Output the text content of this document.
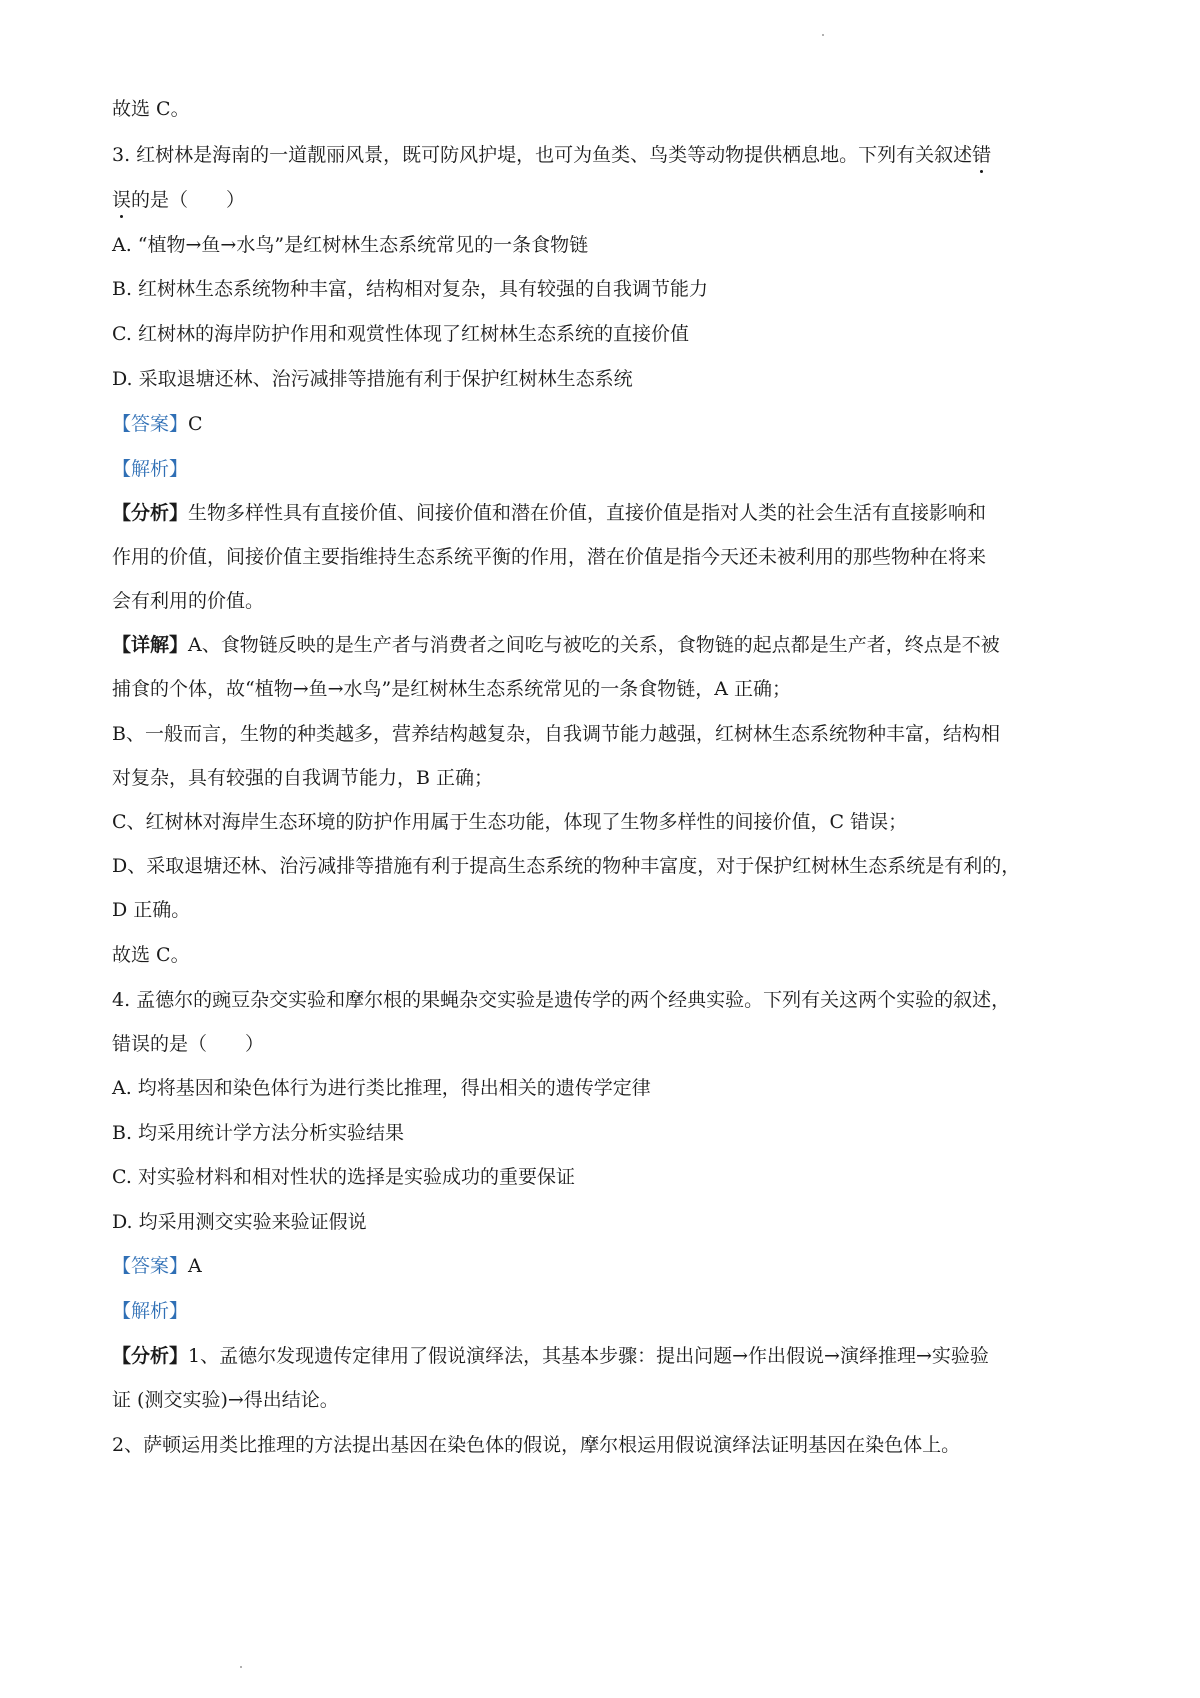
故选 C。

3. 红树林是海南的一道靓丽风景，既可防风护堤，也可为鱼类、鸟类等动物提供栖息地。下列有关叙述错

误的是（　　）

A. “植物→鱼→水鸟”是红树林生态系统常见的一条食物链

B. 红树林生态系统物种丰富，结构相对复杂，具有较强的自我调节能力

C. 红树林的海岸防护作用和观赏性体现了红树林生态系统的直接价值

D. 采取退塘还林、治污减排等措施有利于保护红树林生态系统

【答案】C

【解析】

【分析】生物多样性具有直接价值、间接价值和潜在价值，直接价值是指对人类的社会生活有直接影响和

作用的价值，间接价值主要指维持生态系统平衡的作用，潜在价值是指今天还未被利用的那些物种在将来

会有利用的价值。

【详解】A、食物链反映的是生产者与消费者之间吃与被吃的关系，食物链的起点都是生产者，终点是不被

捕食的个体，故“植物→鱼→水鸟”是红树林生态系统常见的一条食物链，A 正确；

B、一般而言，生物的种类越多，营养结构越复杂，自我调节能力越强，红树林生态系统物种丰富，结构相

对复杂，具有较强的自我调节能力，B 正确；

C、红树林对海岸生态环境的防护作用属于生态功能，体现了生物多样性的间接价值，C 错误；

D、采取退塘还林、治污减排等措施有利于提高生态系统的物种丰富度，对于保护红树林生态系统是有利的，

D 正确。

故选 C。

4. 孟德尔的豌豆杂交实验和摩尔根的果蝇杂交实验是遗传学的两个经典实验。下列有关这两个实验的叙述，

错误的是（　　）

A. 均将基因和染色体行为进行类比推理，得出相关的遗传学定律

B. 均采用统计学方法分析实验结果

C. 对实验材料和相对性状的选择是实验成功的重要保证

D. 均采用测交实验来验证假说

【答案】A

【解析】

【分析】1、孟德尔发现遗传定律用了假说演绎法，其基本步骤：提出问题→作出假说→演绎推理→实验验

证 (测交实验)→得出结论。

2、萨顿运用类比推理的方法提出基因在染色体的假说，摩尔根运用假说演绎法证明基因在染色体上。
